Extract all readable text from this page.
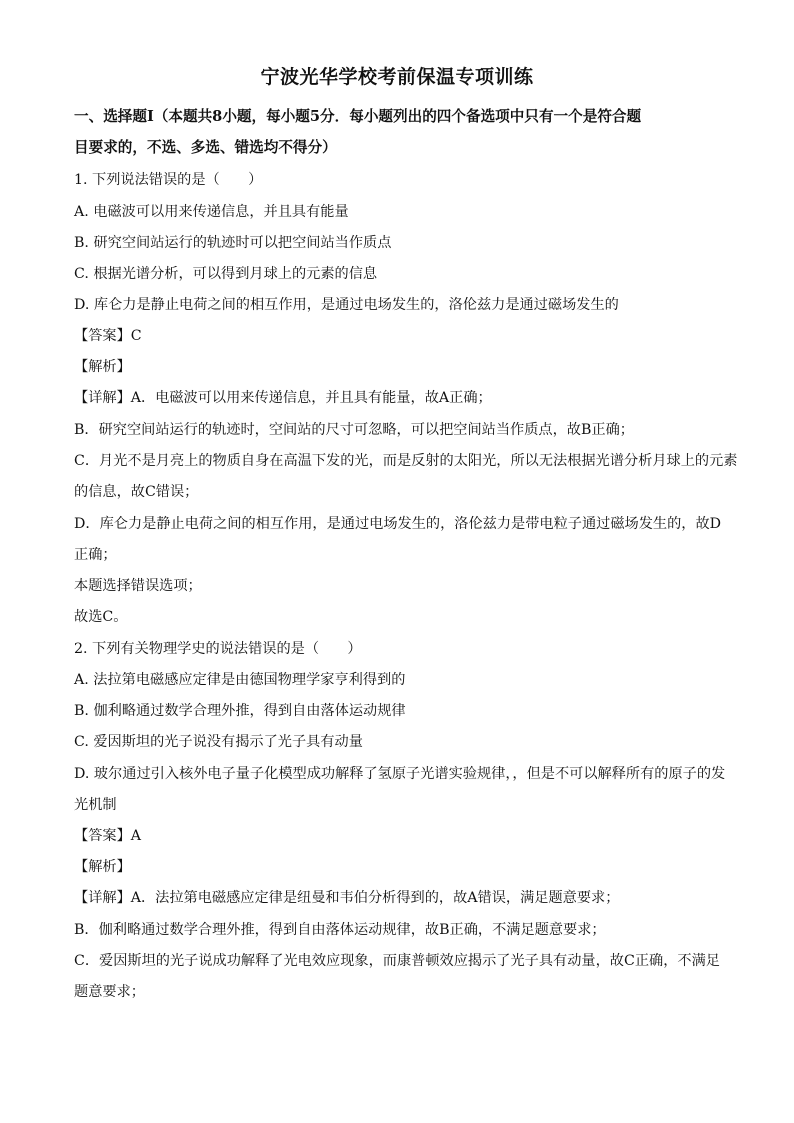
宁波光华学校考前保温专项训练
一、选择题Ⅰ（本题共8小题，每小题5分．每小题列出的四个备选项中只有一个是符合题
目要求的，不选、多选、错选均不得分）
1. 下列说法错误的是（　　）
A. 电磁波可以用来传递信息，并且具有能量
B. 研究空间站运行的轨迹时可以把空间站当作质点
C. 根据光谱分析，可以得到月球上的元素的信息
D. 库仑力是静止电荷之间的相互作用，是通过电场发生的，洛伦兹力是通过磁场发生的
【答案】C
【解析】
【详解】A．电磁波可以用来传递信息，并且具有能量，故A正确；
B．研究空间站运行的轨迹时，空间站的尺寸可忽略，可以把空间站当作质点，故B正确；
C．月光不是月亮上的物质自身在高温下发的光，而是反射的太阳光，所以无法根据光谱分析月球上的元素
的信息，故C错误；
D．库仑力是静止电荷之间的相互作用，是通过电场发生的，洛伦兹力是带电粒子通过磁场发生的，故D
正确；
本题选择错误选项；
故选C。
2. 下列有关物理学史的说法错误的是（　　）
A. 法拉第电磁感应定律是由德国物理学家亨利得到的
B. 伽利略通过数学合理外推，得到自由落体运动规律
C. 爱因斯坦的光子说没有揭示了光子具有动量
D. 玻尔通过引入核外电子量子化模型成功解释了氢原子光谱实验规律，，但是不可以解释所有的原子的发
光机制
【答案】A
【解析】
【详解】A．法拉第电磁感应定律是纽曼和韦伯分析得到的，故A错误，满足题意要求；
B．伽利略通过数学合理外推，得到自由落体运动规律，故B正确，不满足题意要求；
C．爱因斯坦的光子说成功解释了光电效应现象，而康普顿效应揭示了光子具有动量，故C正确，不满足
题意要求；
